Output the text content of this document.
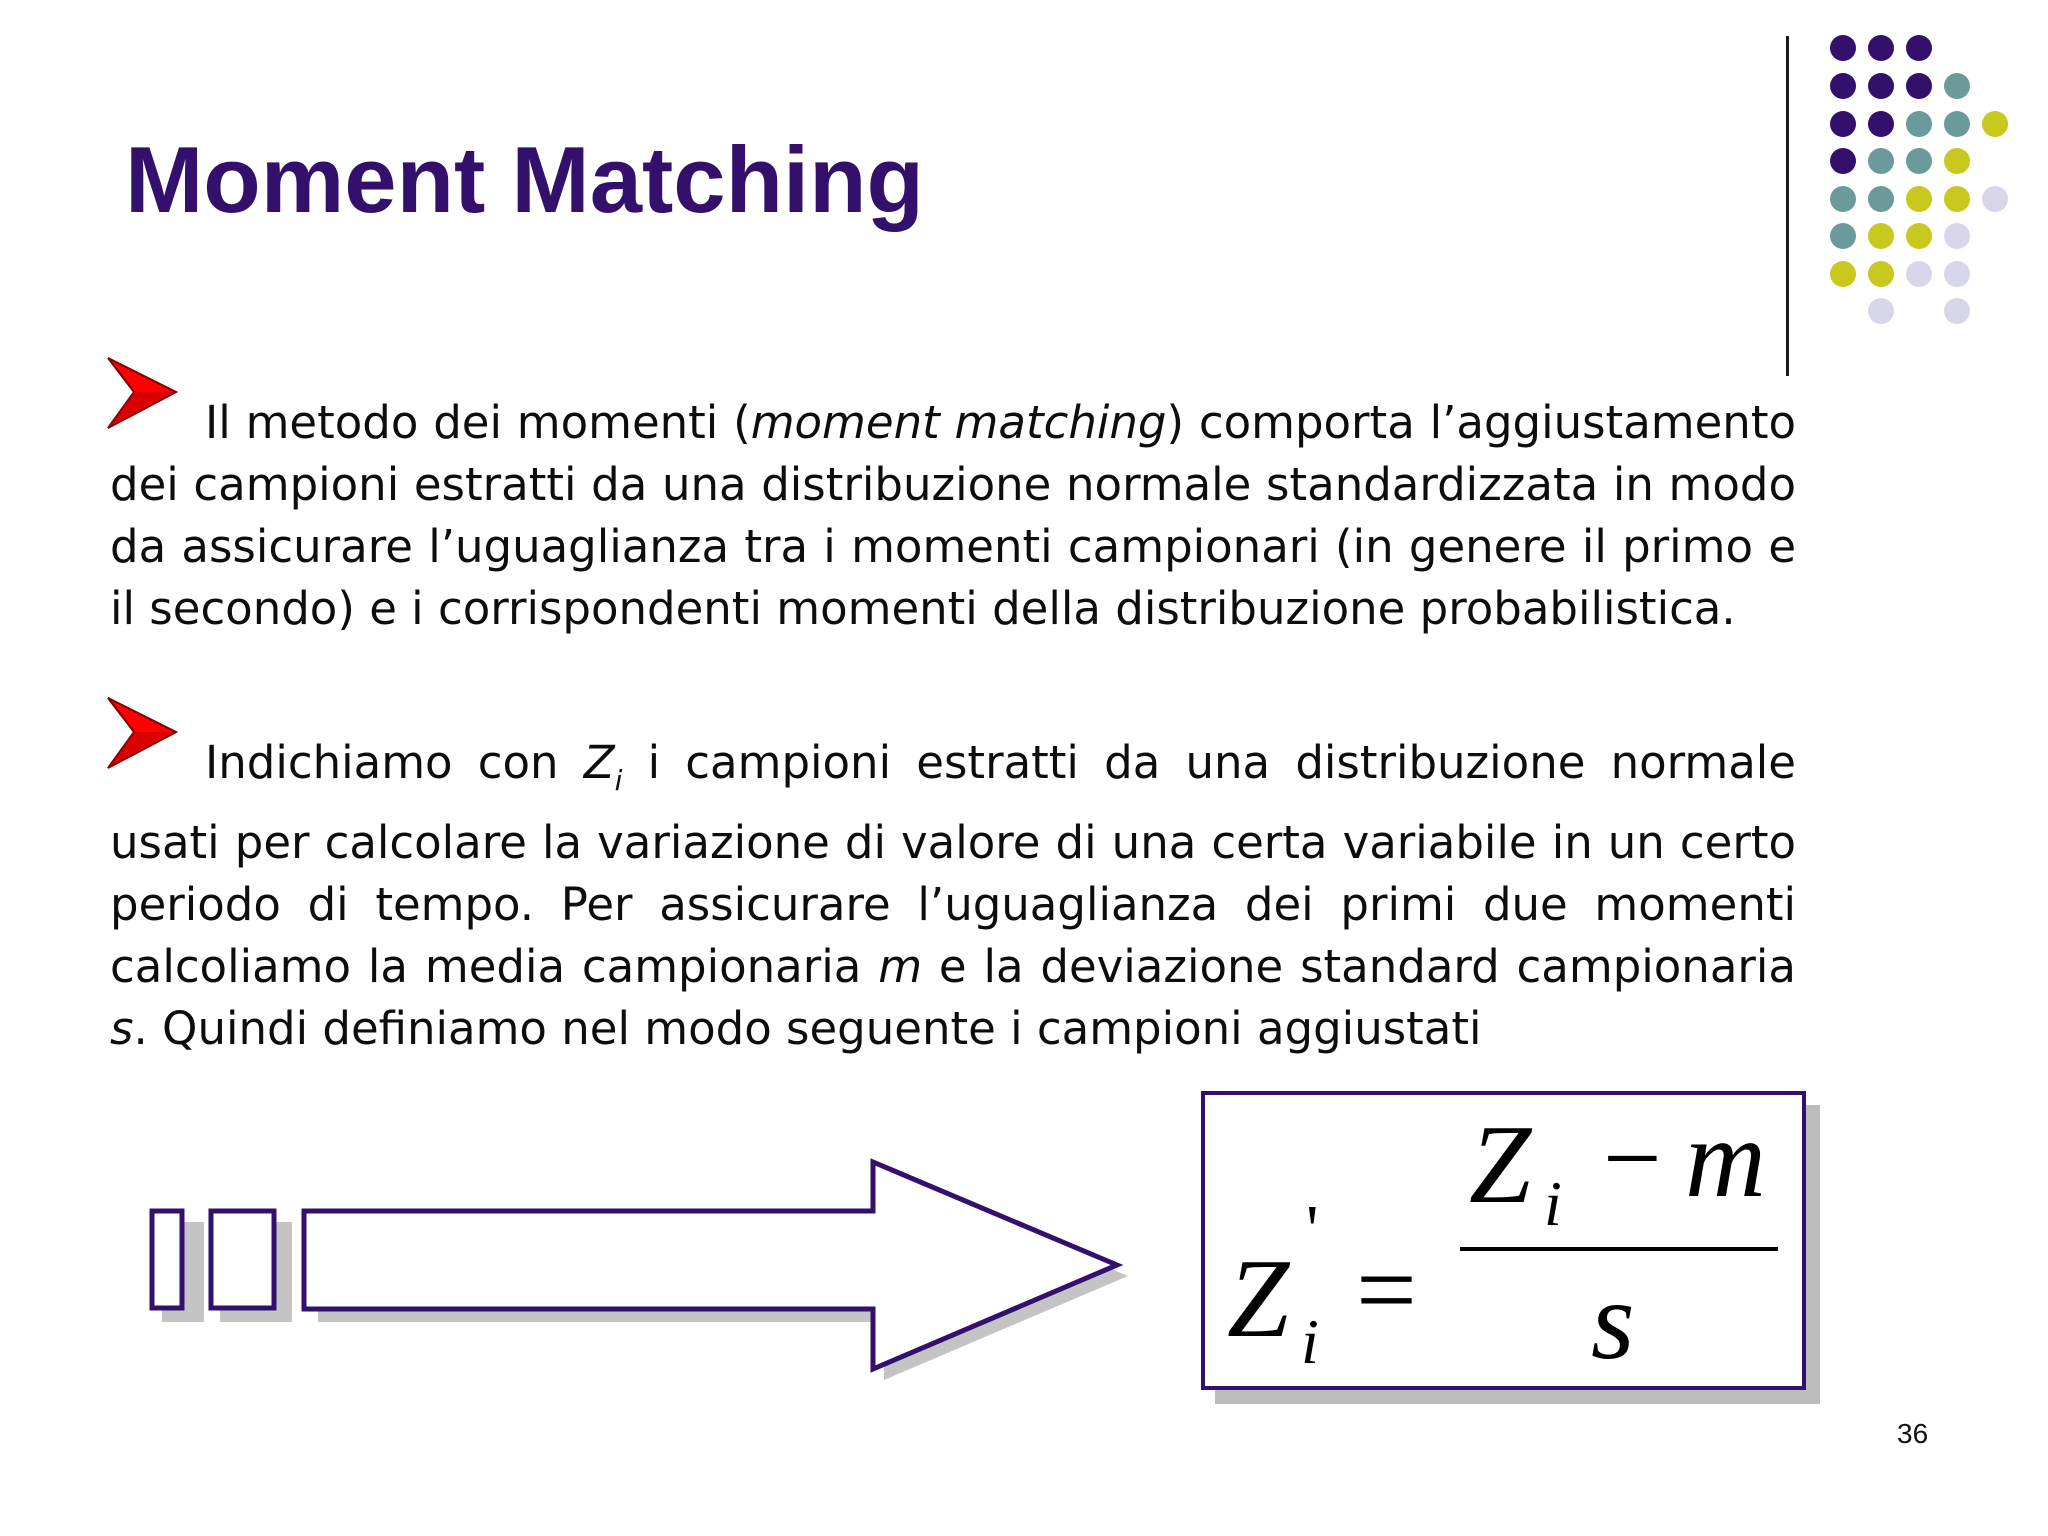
Moment Matching
Il metodo dei momenti (moment matching) comporta l’aggiustamento dei campioni estratti da una distribuzione normale standardizzata in modo da assicurare l’uguaglianza tra i momenti campionari (in genere il primo e il secondo) e i corrispondenti momenti della distribuzione probabilistica.
Indichiamo con $Z_i$ i campioni estratti da una distribuzione normale usati per calcolare la variazione di valore di una certa variabile in un certo periodo di tempo. Per assicurare l’uguaglianza dei primi due momenti calcoliamo la media campionaria m e la deviazione standard campionaria s. Quindi definiamo nel modo seguente i campioni aggiustati
Z
'
i =
Z i − m
s
36
